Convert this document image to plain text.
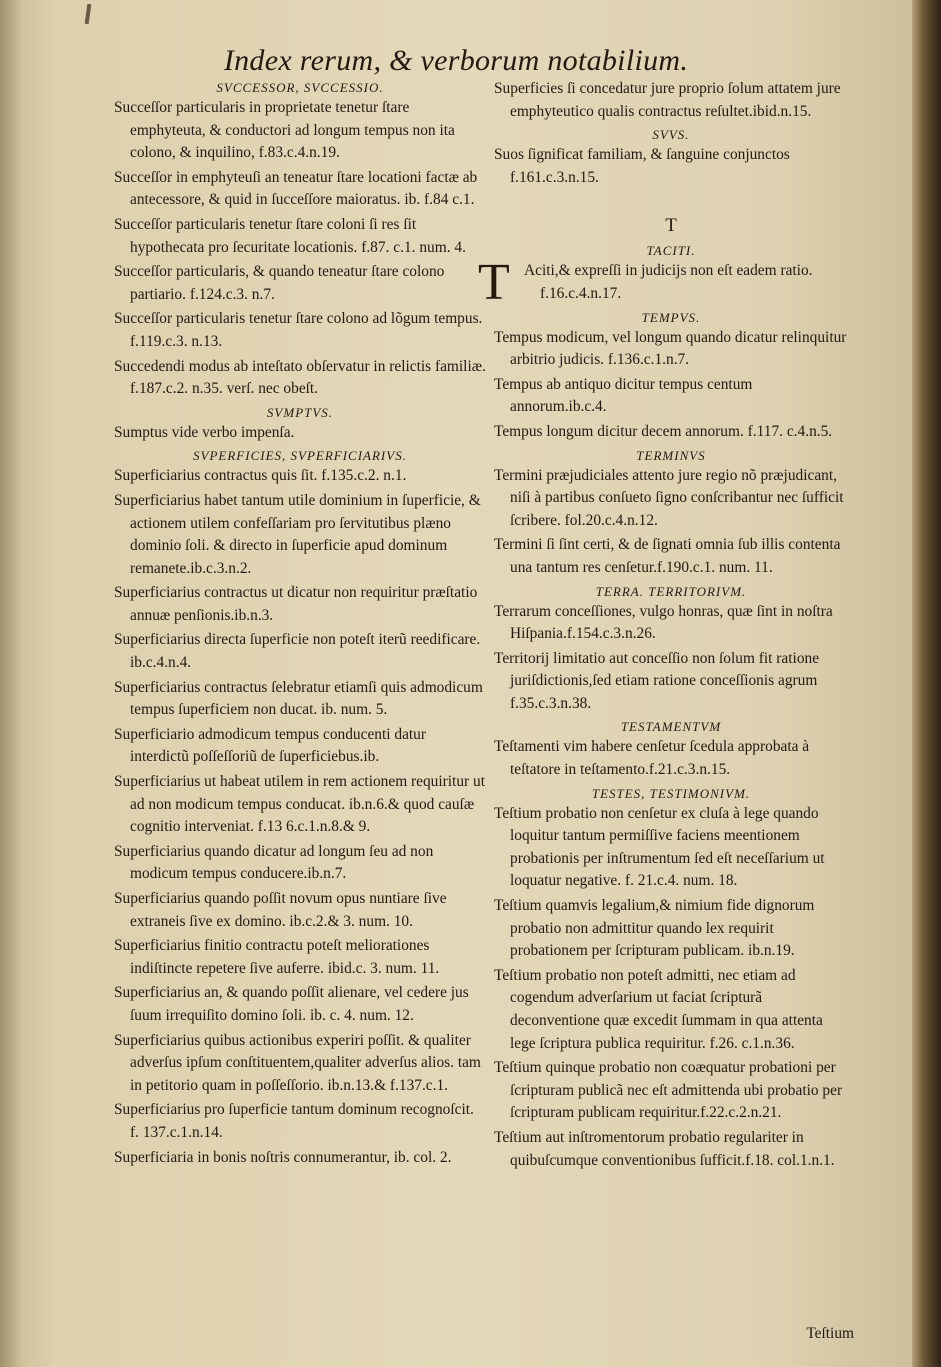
Index rerum, & verborum notabilium.
SVCCESSOR, SVCCESSIO.
Succeſſor particularis in proprietate tenetur ſtare emphyteuta, & conductori ad longum tempus non ita colono, & inquilino, f.83.c.4.n.19.
Succeſſor in emphyteuſi an teneatur ſtare locationi factæ ab antecessore, & quid in ſucceſſore maioratus. ib. f.84 c.1.
Succeſſor particularis tenetur ſtare coloni ſi res ſit hypothecata pro ſecuritate locationis. f.87. c.1. num. 4.
Succeſſor particularis, & quando teneatur ſtare colono partiario. f.124.c.3. n.7.
Succeſſor particularis tenetur ſtare colono ad lõgum tempus. f.119.c.3. n.13.
Succedendi modus ab inteſtato obſervatur in relictis familiæ. f.187.c.2. n.35. verſ. nec obeſt.
SVMPTVS.
Sumptus vide verbo impenſa.
SVPERFICIES, SVPERFICIARIVS.
Superficiarius contractus quis ſit. f.135.c.2. n.1.
Superficiarius habet tantum utile dominium in ſuperficie, & actionem utilem confeſſariam pro ſervitutibus plæno dominio ſoli. & directo in ſuperficie apud dominum remanete.ib.c.3.n.2.
Superficiarius contractus ut dicatur non requiritur præſtatio annuæ penſionis.ib.n.3.
Superficiarius directa ſuperficie non poteſt iterũ reedificare. ib.c.4.n.4.
Superficiarius contractus ſelebratur etiamſi quis admodicum tempus ſuperficiem non ducat. ib. num. 5.
Superficiario admodicum tempus conducenti datur interdictũ poſſeſſoriũ de ſuperficiebus.ib.
Superficiarius ut habeat utilem in rem actionem requiritur ut ad non modicum tempus conducat. ib.n.6.& quod cauſæ cognitio interveniat. f.13 6.c.1.n.8.& 9.
Superficiarius quando dicatur ad longum ſeu ad non modicum tempus conducere.ib.n.7.
Superficiarius quando poſſit novum opus nuntiare ſive extraneis ſive ex domino. ib.c.2.& 3. num. 10.
Superficiarius finitio contractu poteſt meliorationes indiſtincte repetere ſive auferre. ibid.c. 3. num. 11.
Superficiarius an, & quando poſſit alienare, vel cedere jus ſuum irrequiſito domino ſoli. ib. c. 4. num. 12.
Superficiarius quibus actionibus experiri poſſit. & qualiter adverſus ipſum conſtituentem,qualiter adverſus alios. tam in petitorio quam in poſſeſſorio. ib.n.13.& f.137.c.1.
Superficiarius pro ſuperficie tantum dominum recognoſcit. f. 137.c.1.n.14.
Superficiaria in bonis noſtris connumerantur, ib. col. 2.
Superficies ſi concedatur jure proprio ſolum attatem jure emphyteutico qualis contractus reſultet.ibid.n.15.
SVVS.
Suos ſignificat familiam, & ſanguine conjunctos f.161.c.3.n.15.
T
TACITI.
T Aciti,& expreſſi in judicijs non eſt eadem ratio. f.16.c.4.n.17.
TEMPVS.
Tempus modicum, vel longum quando dicatur relinquitur arbitrio judicis. f.136.c.1.n.7.
Tempus ab antiquo dicitur tempus centum annorum.ib.c.4.
Tempus longum dicitur decem annorum. f.117. c.4.n.5.
TERMINVS
Termini præjudiciales attento jure regio nõ præjudicant, niſi à partibus conſueto ſigno conſcribantur nec ſufficit ſcribere. fol.20.c.4.n.12.
Termini ſi ſint certi, & de ſignati omnia ſub illis contenta una tantum res cenſetur.f.190.c.1. num. 11.
TERRA. TERRITORIVM.
Terrarum conceſſiones, vulgo honras, quæ ſint in noſtra Hiſpania.f.154.c.3.n.26.
Territorij limitatio aut conceſſio non ſolum fit ratione juriſdictionis,ſed etiam ratione conceſſionis agrum f.35.c.3.n.38.
TESTAMENTVM
Teſtamenti vim habere cenſetur ſcedula approbata à teſtatore in teſtamento.f.21.c.3.n.15.
TESTES, TESTIMONIVM.
Teſtium probatio non cenſetur ex cluſa à lege quando loquitur tantum permiſſive faciens meentionem probationis per inſtrumentum ſed eſt neceſſarium ut loquatur negative. f. 21.c.4. num. 18.
Teſtium quamvis legalium,& nimium fide dignorum probatio non admittitur quando lex requirit probationem per ſcripturam publicam. ib.n.19.
Teſtium probatio non poteſt admitti, nec etiam ad cogendum adverſarium ut faciat ſcripturã deconventione quæ excedit ſummam in qua attenta lege ſcriptura publica requiritur. f.26. c.1.n.36.
Teſtium quinque probatio non coæquatur probationi per ſcripturam publicã nec eſt admittenda ubi probatio per ſcripturam publicam requiritur.f.22.c.2.n.21.
Teſtium aut inſtromentorum probatio regulariter in quibuſcumque conventionibus ſufficit.f.18. col.1.n.1.
Teſtium
